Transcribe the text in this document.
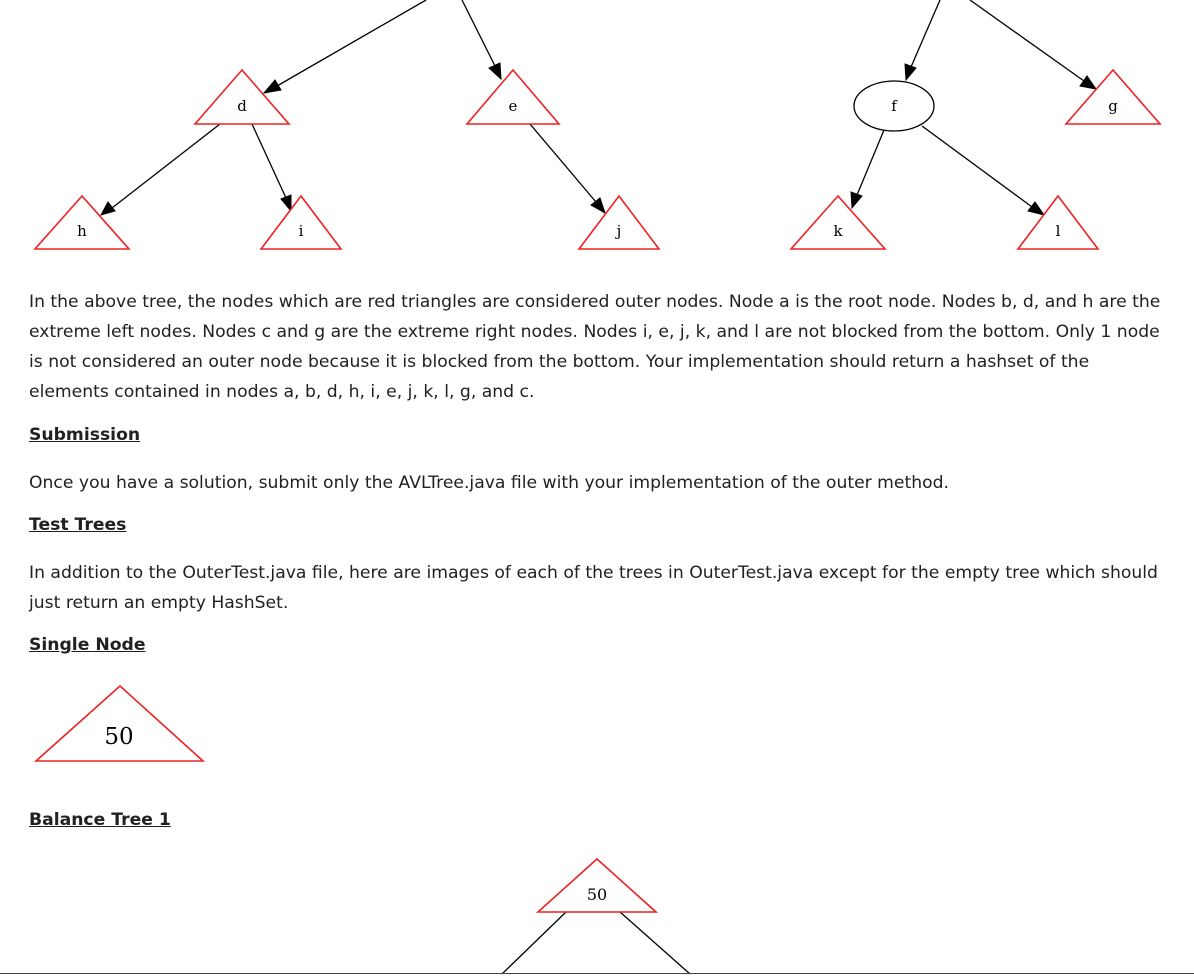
d	e	f	g
h	i	j	k	l

In the above tree, the nodes which are red triangles are considered outer nodes. Node a is the root node. Nodes b, d, and h are the extreme left nodes. Nodes c and g are the extreme right nodes. Nodes i, e, j, k, and l are not blocked from the bottom. Only 1 node is not considered an outer node because it is blocked from the bottom. Your implementation should return a hashset of the elements contained in nodes a, b, d, h, i, e, j, k, l, g, and c.

Submission

Once you have a solution, submit only the AVLTree.java file with your implementation of the outer method.

Test Trees

In addition to the OuterTest.java file, here are images of each of the trees in OuterTest.java except for the empty tree which should just return an empty HashSet.

Single Node

50

Balance Tree 1

50
